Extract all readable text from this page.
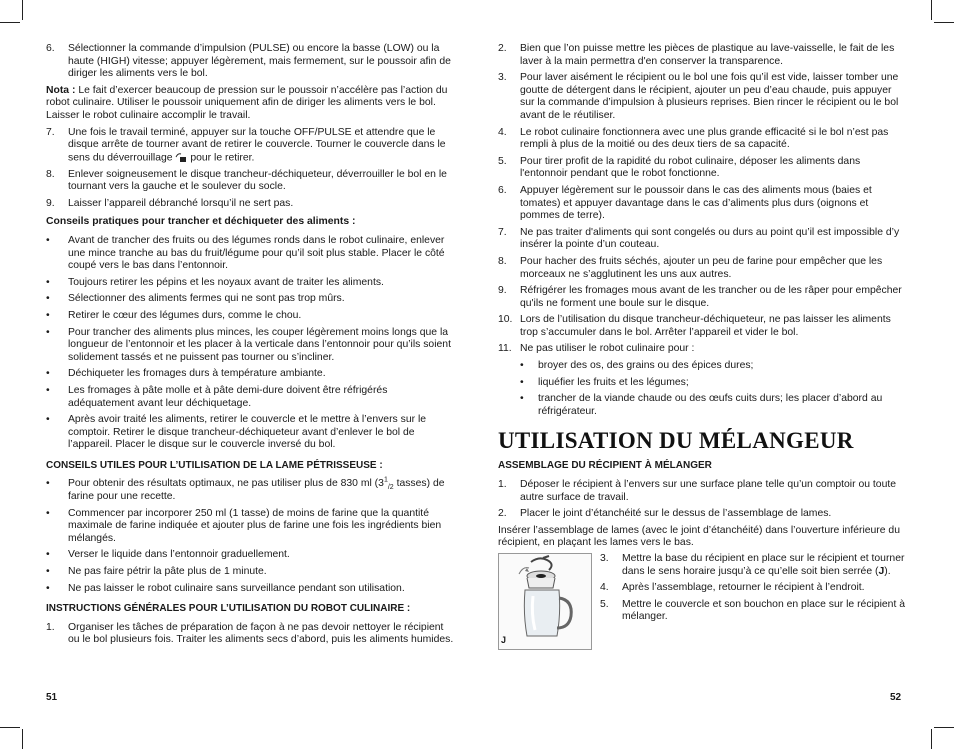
6. Sélectionner la commande d’impulsion (PULSE) ou encore la basse (LOW) ou la haute (HIGH) vitesse; appuyer légèrement, mais fermement, sur le poussoir afin de diriger les aliments vers le bol.

Nota : Le fait d’exercer beaucoup de pression sur le poussoir n’accélère pas l’action du robot culinaire. Utiliser le poussoir uniquement afin de diriger les aliments vers le bol. Laisser le robot culinaire accomplir le travail.

7. Une fois le travail terminé, appuyer sur la touche OFF/PULSE et attendre que le disque arrête de tourner avant de retirer le couvercle. Tourner le couvercle dans le sens du déverrouillage  pour le retirer.
8. Enlever soigneusement le disque trancheur-déchiqueteur, déverrouiller le bol en le tournant vers la gauche et le soulever du socle.
9. Laisser l’appareil débranché lorsqu’il ne sert pas.
Conseils pratiques pour trancher et déchiqueter des aliments :
• Avant de trancher des fruits ou des légumes ronds dans le robot culinaire, enlever une mince tranche au bas du fruit/légume pour qu’il soit plus stable. Placer le côté coupé vers le bas dans l’entonnoir.
• Toujours retirer les pépins et les noyaux avant de traiter les aliments.
• Sélectionner des aliments fermes qui ne sont pas trop mûrs.
• Retirer le cœur des légumes durs, comme le chou.
• Pour trancher des aliments plus minces, les couper légèrement moins longs que la longueur de l’entonnoir et les placer à la verticale dans l’entonnoir pour qu’ils soient solidement tassés et ne puissent pas tourner ou s’incliner.
• Déchiqueter les fromages durs à température ambiante.
• Les fromages à pâte molle et à pâte demi-dure doivent être réfrigérés adéquatement avant leur déchiquetage.
• Après avoir traité les aliments, retirer le couvercle et le mettre à l’envers sur le comptoir. Retirer le disque trancheur-déchiqueteur avant d’enlever le bol de l’appareil. Placer le disque sur le couvercle inversé du bol.
CONSEILS UTILES POUR L’UTILISATION DE LA LAME PÉTRISSEUSE :
• Pour obtenir des résultats optimaux, ne pas utiliser plus de 830 ml ($3^1_{/2}$ tasses) de farine pour une recette.
• Commencer par incorporer 250 ml (1 tasse) de moins de farine que la quantité maximale de farine indiquée et ajouter plus de farine une fois les ingrédients bien mélangés.
• Verser le liquide dans l’entonnoir graduellement.
• Ne pas faire pétrir la pâte plus de 1 minute.
• Ne pas laisser le robot culinaire sans surveillance pendant son utilisation.
INSTRUCTIONS GÉNÉRALES POUR L’UTILISATION DU ROBOT CULINAIRE :
1. Organiser les tâches de préparation de façon à ne pas devoir nettoyer le récipient ou le bol plusieurs fois. Traiter les aliments secs d’abord, puis les aliments humides.
51
2. Bien que l’on puisse mettre les pièces de plastique au lave-vaisselle, le fait de les laver à la main permettra d'en conserver la transparence.
3. Pour laver aisément le récipient ou le bol une fois qu’il est vide, laisser tomber une goutte de détergent dans le récipient, ajouter un peu d’eau chaude, puis appuyer sur la commande d’impulsion à plusieurs reprises. Bien rincer le récipient ou le bol avant de le réutiliser.
4. Le robot culinaire fonctionnera avec une plus grande efficacité si le bol n’est pas rempli à plus de la moitié ou des deux tiers de sa capacité.
5. Pour tirer profit de la rapidité du robot culinaire, déposer les aliments dans l'entonnoir pendant que le robot fonctionne.
6. Appuyer légèrement sur le poussoir dans le cas des aliments mous (baies et tomates) et appuyer davantage dans le cas d’aliments plus durs (oignons et pommes de terre).
7. Ne pas traiter d'aliments qui sont congelés ou durs au point qu’il est impossible d’y insérer la pointe d’un couteau.
8. Pour hacher des fruits séchés, ajouter un peu de farine pour empêcher que les morceaux ne s’agglutinent les uns aux autres.
9. Réfrigérer les fromages mous avant de les trancher ou de les râper pour empêcher qu'ils ne forment une boule sur le disque.
10. Lors de l’utilisation du disque trancheur-déchiqueteur, ne pas laisser les aliments trop s’accumuler dans le bol. Arrêter l’appareil et vider le bol.
11. Ne pas utiliser le robot culinaire pour :
• broyer des os, des grains ou des épices dures;
• liquéfier les fruits et les légumes;
• trancher de la viande chaude ou des œufs cuits durs; les placer d’abord au réfrigérateur.
UTILISATION DU MÉLANGEUR
ASSEMBLAGE DU RÉCIPIENT À MÉLANGER
1. Déposer le récipient à l’envers sur une surface plane telle qu’un comptoir ou toute autre surface de travail.
2. Placer le joint d’étanchéité sur le dessus de l’assemblage de lames.

Insérer l’assemblage de lames (avec le joint d’étanchéité) dans l’ouverture inférieure du récipient, en plaçant les lames vers le bas.

J
3. Mettre la base du récipient en place sur le récipient et tourner dans le sens horaire jusqu’à ce qu’elle soit bien serrée (J).
4. Après l’assemblage, retourner le récipient à l’endroit.
5. Mettre le couvercle et son bouchon en place sur le récipient à mélanger.
52
